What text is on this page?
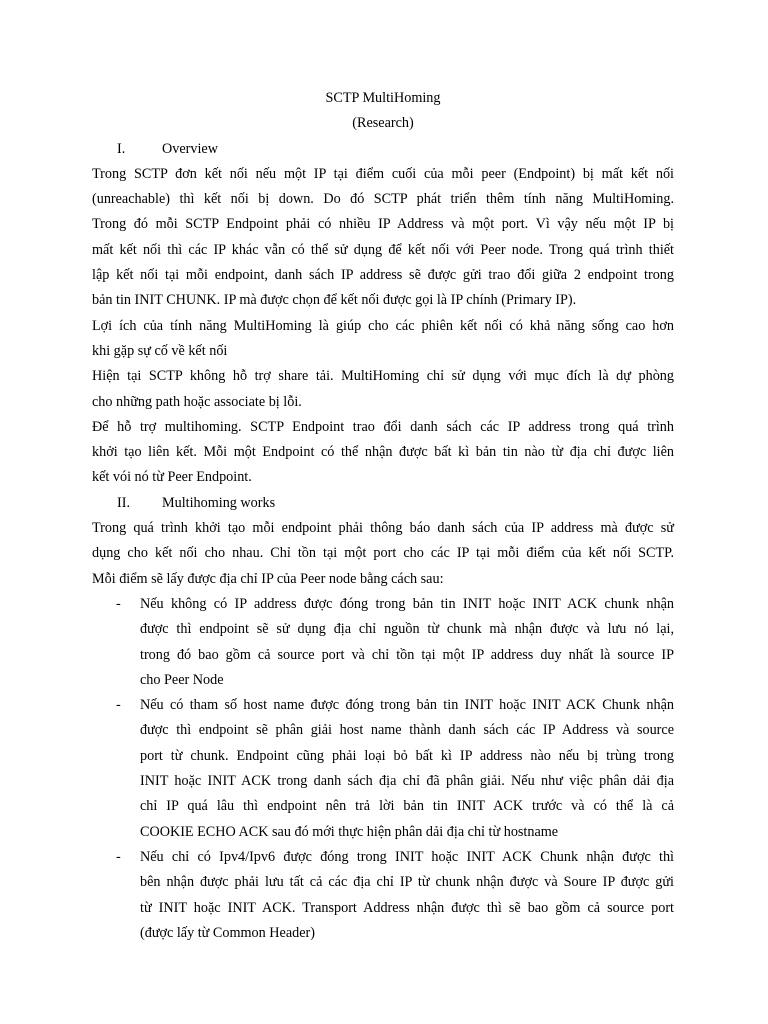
SCTP MultiHoming
(Research)
I.	Overview
Trong SCTP đơn kết nối nếu một IP tại điểm cuối của mỗi peer (Endpoint) bị mất kết nối
(unreachable) thì kết nối bị down. Do đó SCTP phát triển thêm tính năng MultiHoming.
Trong đó mỗi SCTP Endpoint phải có nhiều IP Address và một port. Vì vậy nếu một IP bị
mất kết nối thì các IP khác vẫn có thể sử dụng để kết nối với Peer node. Trong quá trình thiết
lập kết nối tại mỗi endpoint, danh sách IP address sẽ được gửi trao đổi giữa 2 endpoint trong
bản tin INIT CHUNK. IP mà được chọn để kết nối được gọi là IP chính (Primary IP).
Lợi ích của tính năng MultiHoming là giúp cho các phiên kết nối có khả năng sống cao hơn
khi gặp sự cố về kết nối
Hiện tại SCTP không hỗ trợ share tải. MultiHoming chỉ sử dụng với mục đích là dự phòng
cho những path hoặc associate bị lỗi.
Để hỗ trợ multihoming. SCTP Endpoint trao đổi danh sách các IP address trong quá trình
khởi tạo liên kết. Mỗi một Endpoint có thể nhận được bất kì bản tin nào từ địa chỉ được liên
kết vói nó từ Peer Endpoint.
II. Multihoming works
Trong quá trình khởi tạo mỗi endpoint phải thông báo danh sách của IP address mà được sử
dụng cho kết nối cho nhau. Chỉ tồn tại một port cho các IP tại mỗi điểm của kết nối SCTP.
Mỗi điểm sẽ lấy được địa chỉ IP của Peer node bằng cách sau:
- Nếu không có IP address được đóng trong bản tin INIT hoặc INIT ACK chunk nhận
được thì endpoint sẽ sử dụng địa chỉ nguồn từ chunk mà nhận được và lưu nó lại,
trong đó bao gồm cả source port và chỉ tồn tại một IP address duy nhất là source IP
cho Peer Node
- Nếu có tham số host name được đóng trong bản tin INIT hoặc INIT ACK Chunk nhận
được thì endpoint sẽ phân giải host name thành danh sách các IP Address và source
port từ chunk. Endpoint cũng phải loại bỏ bất kì IP address nào nếu bị trùng trong
INIT hoặc INIT ACK trong danh sách địa chỉ đã phân giải. Nếu như việc phân dải địa
chỉ IP quá lâu thì endpoint nên trả lời bản tin INIT ACK trước và có thể là cả
COOKIE ECHO ACK sau đó mới thực hiện phân dải địa chỉ từ hostname
- Nếu chỉ có Ipv4/Ipv6 được đóng trong INIT hoặc INIT ACK Chunk nhận được thì
bên nhận được phải lưu tất cả các địa chỉ IP từ chunk nhận được và Soure IP được gửi
từ INIT hoặc INIT ACK. Transport Address nhận được thì sẽ bao gồm cả source port
(được lấy từ Common Header)
